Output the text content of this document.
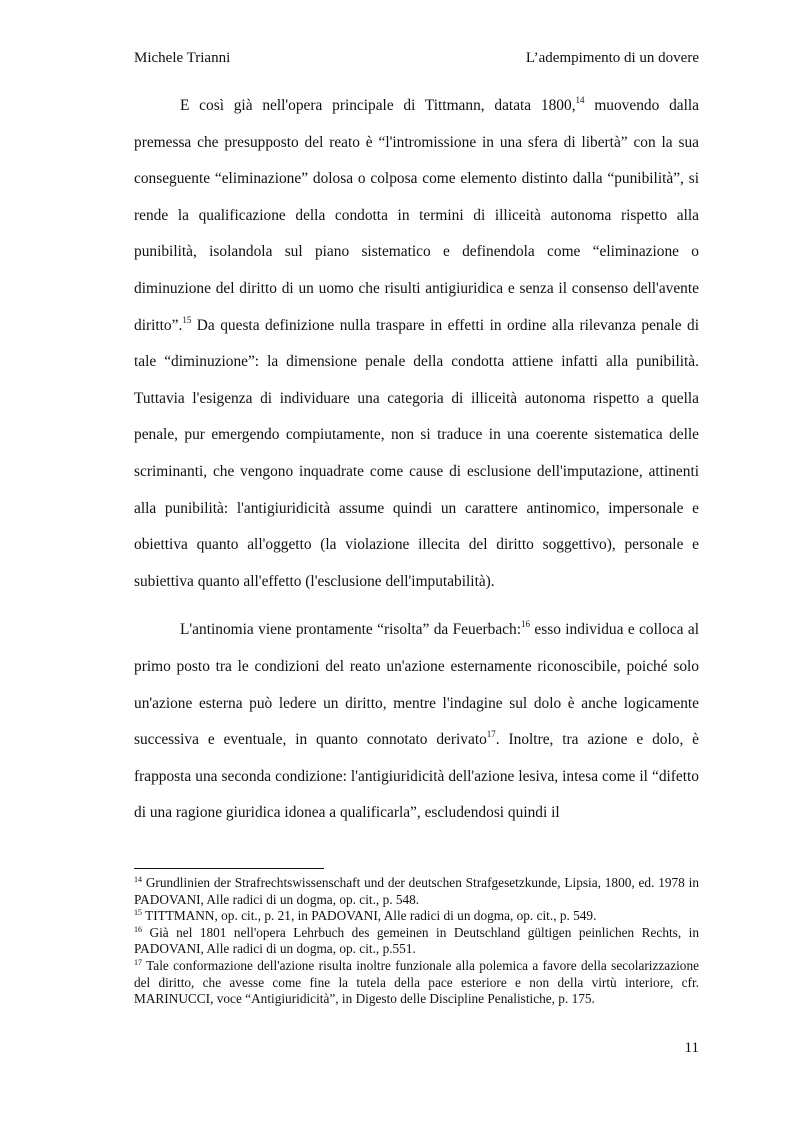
Michele Trianni	L’adempimento di un dovere

E così già nell'opera principale di Tittmann, datata 1800,14 muovendo dalla premessa che presupposto del reato è “l'intromissione in una sfera di libertà” con la sua conseguente “eliminazione” dolosa o colposa come elemento distinto dalla “punibilità”, si rende la qualificazione della condotta in termini di illiceità autonoma rispetto alla punibilità, isolandola sul piano sistematico e definendola come “eliminazione o diminuzione del diritto di un uomo che risulti antigiuridica e senza il consenso dell'avente diritto”.$^{15}$ Da questa definizione nulla traspare in effetti in ordine alla rilevanza penale di tale “diminuzione”: la dimensione penale della condotta attiene infatti alla punibilità. Tuttavia l'esigenza di individuare una categoria di illiceità autonoma rispetto a quella penale, pur emergendo compiutamente, non si traduce in una coerente sistematica delle scriminanti, che vengono inquadrate come cause di esclusione dell'imputazione, attinenti alla punibilità: l'antigiuridicità assume quindi un carattere antinomico, impersonale e obiettiva quanto all'oggetto (la violazione illecita del diritto soggettivo), personale e subiettiva quanto all'effetto (l'esclusione dell'imputabilità).

L'antinomia viene prontamente “risolta” da Feuerbach:$^{16}$ esso individua e colloca al primo posto tra le condizioni del reato un'azione esternamente riconoscibile, poiché solo un'azione esterna può ledere un diritto, mentre l'indagine sul dolo è anche logicamente successiva e eventuale, in quanto connotato derivato$^{17}$. Inoltre, tra azione e dolo, è frapposta una seconda condizione: l'antigiuridicità dell'azione lesiva, intesa come il “difetto di una ragione giuridica idonea a qualificarla”, escludendosi quindi il

$^{14}$ Grundlinien der Strafrechtswissenschaft und der deutschen Strafgesetzkunde, Lipsia, 1800, ed. 1978 in PADOVANI, Alle radici di un dogma, op. cit., p. 548.

$^{15}$ TITTMANN, op. cit., p. 21, in PADOVANI, Alle radici di un dogma, op. cit., p. 549.

$^{16}$ Già nel 1801 nell'opera Lehrbuch des gemeinen in Deutschland gültigen peinlichen Rechts, in PADOVANI, Alle radici di un dogma, op. cit., p.551.

$^{17}$ Tale conformazione dell'azione risulta inoltre funzionale alla polemica a favore della secolarizzazione del diritto, che avesse come fine la tutela della pace esteriore e non della virtù interiore, cfr. MARINUCCI, voce “Antigiuridicità”, in Digesto delle Discipline Penalistiche, p. 175.

11
